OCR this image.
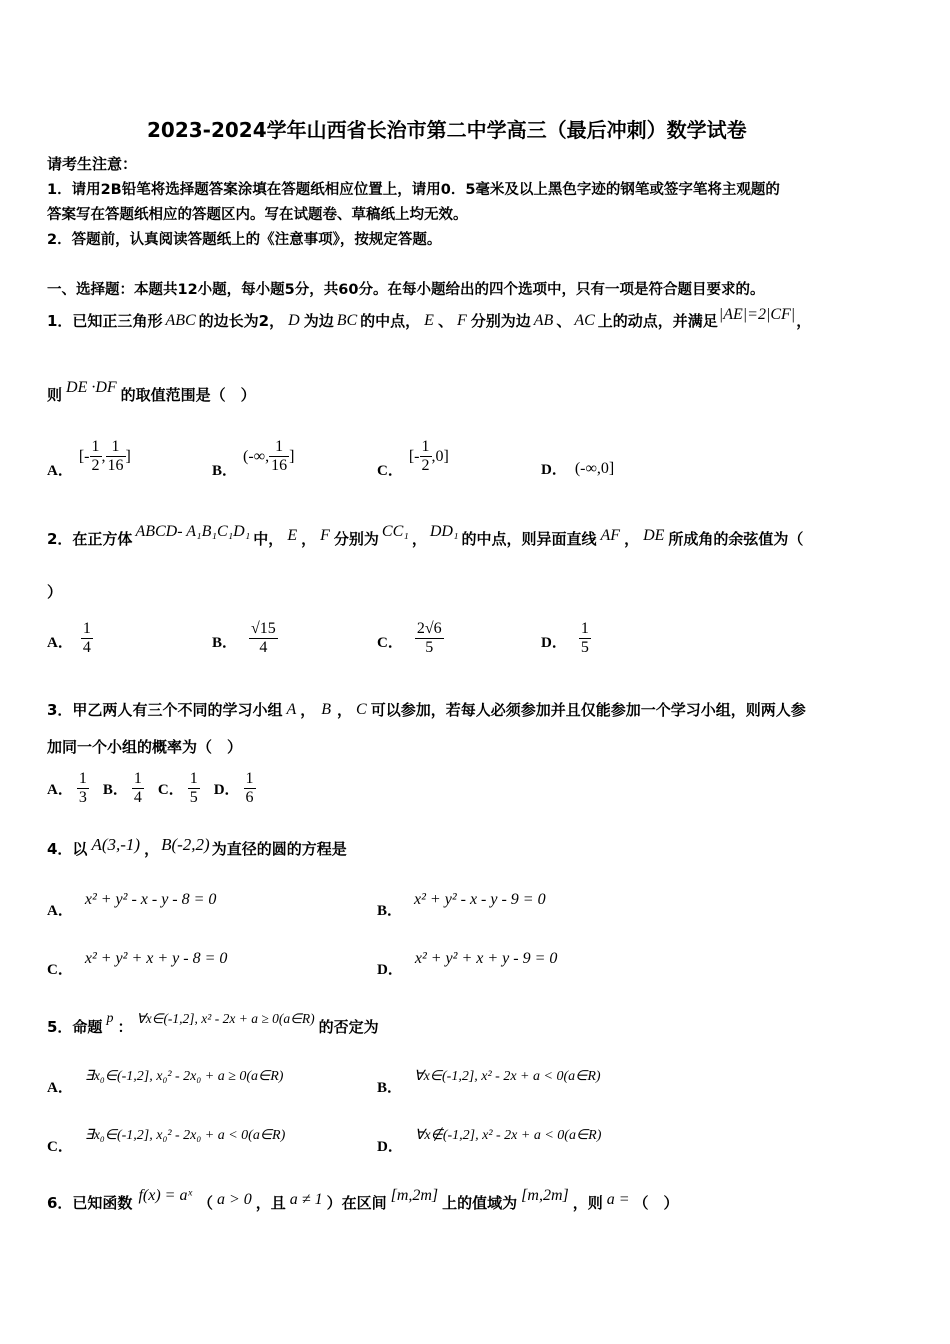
2023-2024学年山西省长治市第二中学高三（最后冲刺）数学试卷
请考生注意：
1．请用2B铅笔将选择题答案涂填在答题纸相应位置上，请用0．5毫米及以上黑色字迹的钢笔或签字笔将主观题的
答案写在答题纸相应的答题区内。写在试题卷、草稿纸上均无效。
2．答题前，认真阅读答题纸上的《注意事项》，按规定答题。
一、选择题：本题共12小题，每小题5分，共60分。在每小题给出的四个选项中，只有一项是符合题目要求的。
1．已知正三角形 ABC 的边长为2， D 为边 BC 的中点， E 、 F 分别为边 AB 、 AC 上的动点，并满足 |AE|=2|CF| ，
则 DE ·DF 的取值范围是（　）
A．
[- $\frac{1}{2}$ , $\frac{1}{16}$ ]
B．
(-∞, $\frac{1}{16}$ ]
C．
[- $\frac{1}{2} ,0$]
D． (-∞,0]
2．在正方体 ABCD- A₁B₁C₁D₁ 中， E ， F 分别为 CC₁ ， DD₁ 的中点，则异面直线 AF ， DE 所成角的余弦值为（
）
A． $\frac{1}{4}$	B． $\frac{√15}{4}$	C． $\frac{2√6}{5}$	D． $\frac{1}{5}$
3．甲乙两人有三个不同的学习小组 A ， B ， C 可以参加，若每人必须参加并且仅能参加一个学习小组，则两人参
加同一个小组的概率为（　）
A． $\frac{1}{3}$ B． $\frac{1}{4}$ C． $\frac{1}{5}$ D． $\frac{1}{6}$
4．以 A(3,-1) ， B(-2,2) 为直径的圆的方程是
A．
x² + y² - x - y - 8 = 0
B．
x² + y² - x - y - 9 = 0
C．
x² + y² + x + y - 8 = 0
D．
x² + y² + x + y - 9 = 0
5．命题 p ： ∀x∈(-1,2], x² - 2x + a ≥ 0(a∈R) 的否定为
A．
∃x₀∈(-1,2], x₀² - 2x₀ + a ≥ 0(a∈R)
B．
∀x∈(-1,2], x² - 2x + a < 0(a∈R)
C．
∃x₀∈(-1,2], x₀² - 2x₀ + a < 0(a∈R)
D．
∀x∉(-1,2], x² - 2x + a < 0(a∈R)
6．已知函数 f(x) = aˣ （ a > 0 ，且 a ≠ 1 ）在区间 [m,2m] 上的值域为 [m,2m] ，则 a = （　）
